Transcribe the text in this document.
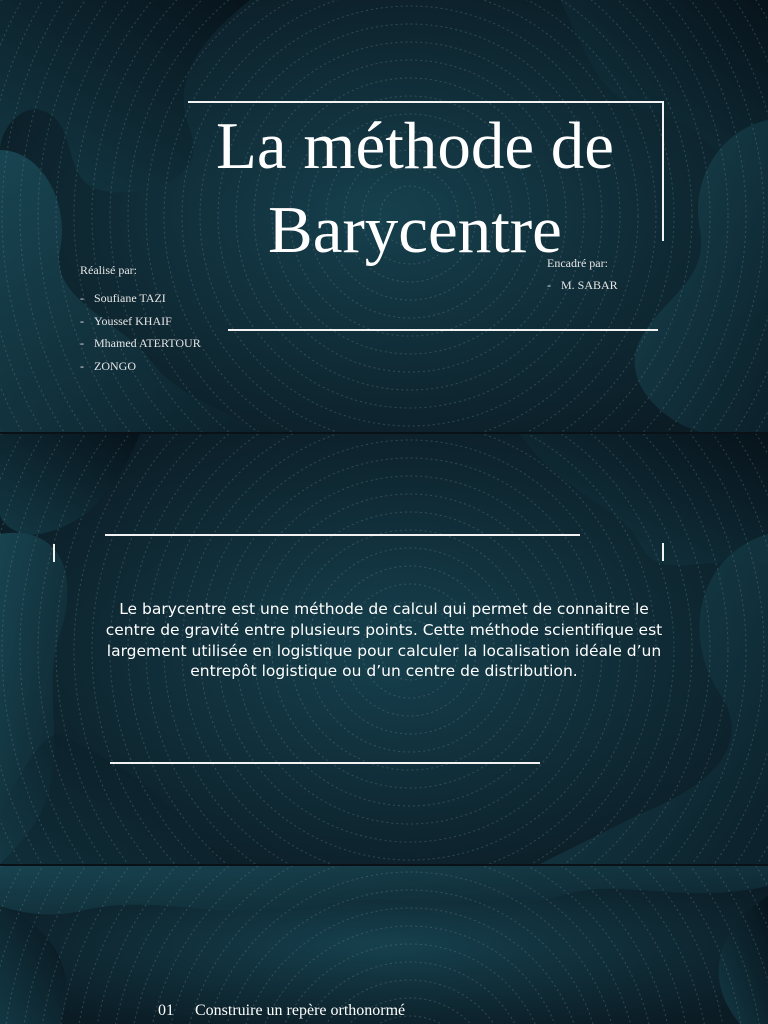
La méthode de
Barycentre
Réalisé par:
- Soufiane TAZI
- Youssef KHAIF
- Mhamed ATERTOUR
- ZONGO
Encadré par:
- M. SABAR

Le barycentre est une méthode de calcul qui permet de connaitre le centre de gravité entre plusieurs points. Cette méthode scientifique est largement utilisée en logistique pour calculer la localisation idéale d’un entrepôt logistique ou d’un centre de distribution.

01 Construire un repère orthonormé
